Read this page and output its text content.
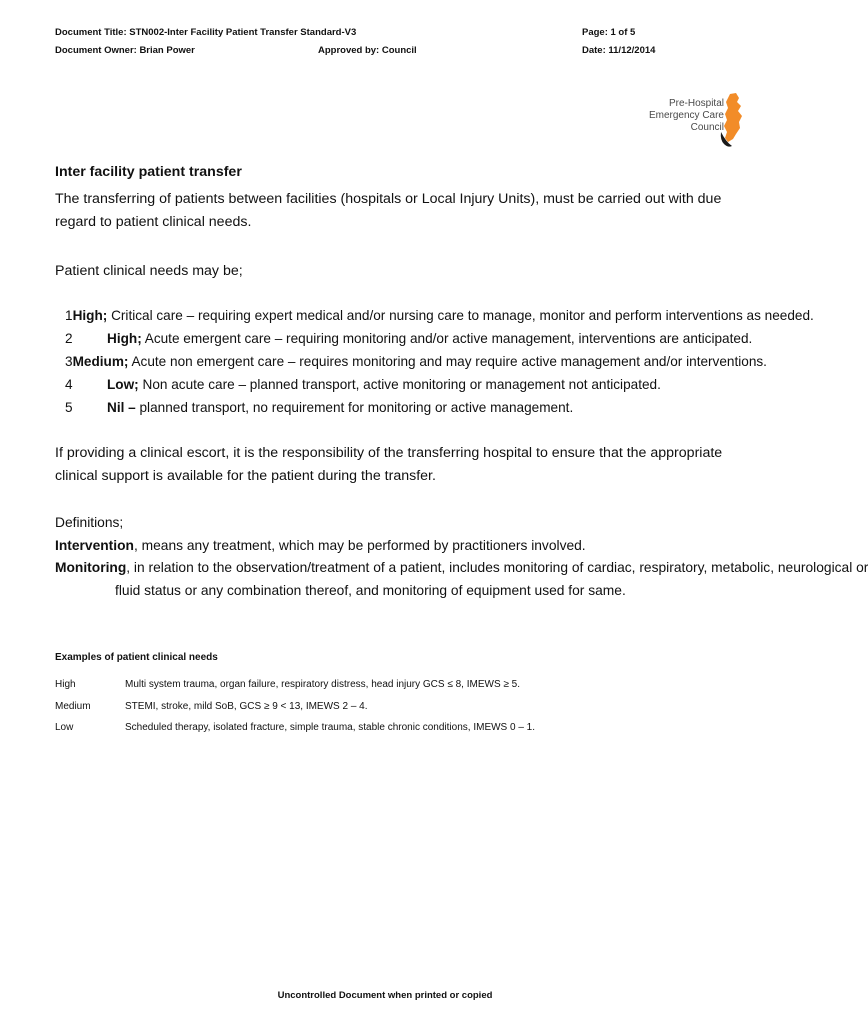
Document Title: STN002-Inter Facility Patient Transfer Standard-V3
Document Owner: Brian Power	Approved by: Council
Page: 1 of 5
Date: 11/12/2014
Pre-Hospital
Emergency Care
Council
Inter facility patient transfer
The transferring of patients between facilities (hospitals or Local Injury Units), must be carried out with due regard to patient clinical needs.
Patient clinical needs may be;
1 High; Critical care – requiring expert medical and/or nursing care to manage, monitor and perform interventions as needed.
2	High; Acute emergent care – requiring monitoring and/or active management, interventions are anticipated.
3 Medium; Acute non emergent care – requires monitoring and may require active management and/or interventions.
4	Low; Non acute care – planned transport, active monitoring or management not anticipated.
5	Nil – planned transport, no requirement for monitoring or active management.
If providing a clinical escort, it is the responsibility of the transferring hospital to ensure that the appropriate clinical support is available for the patient during the transfer.
Definitions;
Intervention, means any treatment, which may be performed by practitioners involved.
Monitoring, in relation to the observation/treatment of a patient, includes monitoring of cardiac, respiratory, metabolic, neurological or
fluid status or any combination thereof, and monitoring of equipment used for same.
Examples of patient clinical needs
High	Multi system trauma, organ failure, respiratory distress, head injury GCS ≤ 8, IMEWS ≥ 5.
Medium	STEMI, stroke, mild SoB, GCS ≥ 9 < 13, IMEWS 2 – 4.
Low	Scheduled therapy, isolated fracture, simple trauma, stable chronic conditions, IMEWS 0 – 1.
Uncontrolled Document when printed or copied
